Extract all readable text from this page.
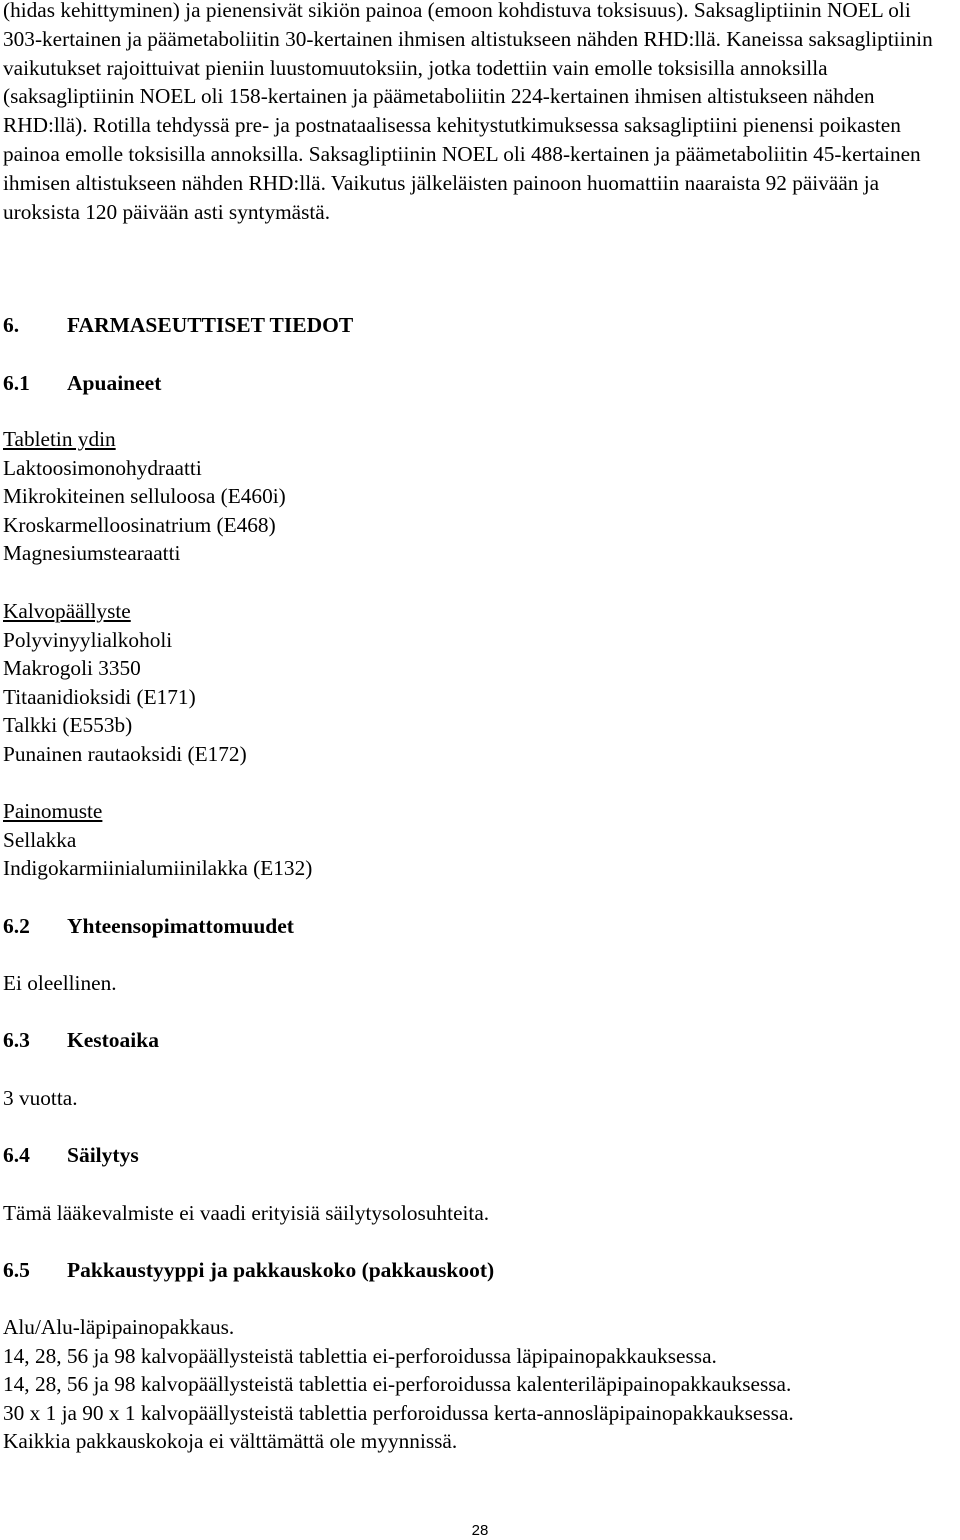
(hidas kehittyminen) ja pienensivät sikiön painoa (emoon kohdistuva toksisuus). Saksagliptiinin NOEL oli 303-kertainen ja päämetaboliitin 30-kertainen ihmisen altistukseen nähden RHD:llä. Kaneissa saksagliptiinin vaikutukset rajoittuivat pieniin luustomuutoksiin, jotka todettiin vain emolle toksisilla annoksilla (saksagliptiinin NOEL oli 158-kertainen ja päämetaboliitin 224-kertainen ihmisen altistukseen nähden RHD:llä). Rotilla tehdyssä pre- ja postnataalisessa kehitystutkimuksessa saksagliptiini pienensi poikasten painoa emolle toksisilla annoksilla. Saksagliptiinin NOEL oli 488-kertainen ja päämetaboliitin 45-kertainen ihmisen altistukseen nähden RHD:llä. Vaikutus jälkeläisten painoon huomattiin naaraista 92 päivään ja uroksista 120 päivään asti syntymästä.

6. FARMASEUTTISET TIEDOT

6.1 Apuaineet

Tabletin ydin
Laktoosimonohydraatti
Mikrokiteinen selluloosa (E460i)
Kroskarmelloosinatrium (E468)
Magnesiumstearaatti
Kalvopäällyste
Polyvinyylialkoholi
Makrogoli 3350
Titaanidioksidi (E171)
Talkki (E553b)
Punainen rautaoksidi (E172)
Painomuste
Sellakka
Indigokarmiinialumiinilakka (E132)

6.2 Yhteensopimattomuudet

Ei oleellinen.

6.3 Kestoaika

3 vuotta.

6.4 Säilytys

Tämä lääkevalmiste ei vaadi erityisiä säilytysolosuhteita.

6.5 Pakkaustyyppi ja pakkauskoko (pakkauskoot)

Alu/Alu-läpipainopakkaus.
14, 28, 56 ja 98 kalvopäällysteistä tablettia ei-perforoidussa läpipainopakkauksessa.
14, 28, 56 ja 98 kalvopäällysteistä tablettia ei-perforoidussa kalenteriläpipainopakkauksessa.
30 x 1 ja 90 x 1 kalvopäällysteistä tablettia perforoidussa kerta-annosläpipainopakkauksessa.
Kaikkia pakkauskokoja ei välttämättä ole myynnissä.
28
